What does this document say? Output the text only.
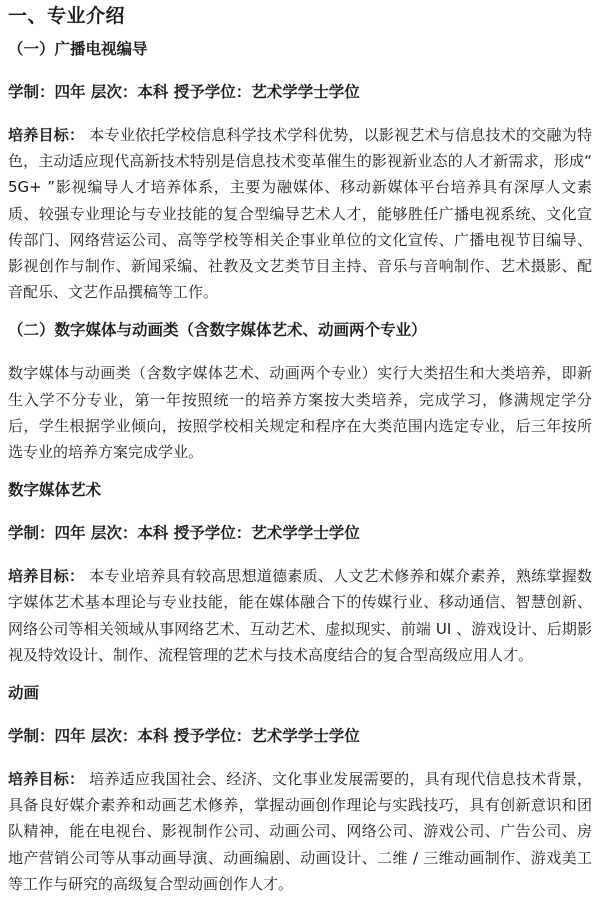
一、专业介绍
（一）广播电视编导
学制：四年 层次：本科 授予学位：艺术学学士学位
培养目标： 本专业依托学校信息科学技术学科优势，以影视艺术与信息技术的交融为特色，主动适应现代高新技术特别是信息技术变革催生的影视新业态的人才新需求，形成“ 5G+ ”影视编导人才培养体系，主要为融媒体、移动新媒体平台培养具有深厚人文素质、较强专业理论与专业技能的复合型编导艺术人才，能够胜任广播电视系统、文化宣传部门、网络营运公司、高等学校等相关企事业单位的文化宣传、广播电视节目编导、影视创作与制作、新闻采编、社教及文艺类节目主持、音乐与音响制作、艺术摄影、配音配乐、文艺作品撰稿等工作。
（二）数字媒体与动画类（含数字媒体艺术、动画两个专业）
数字媒体与动画类（含数字媒体艺术、动画两个专业）实行大类招生和大类培养，即新生入学不分专业，第一年按照统一的培养方案按大类培养，完成学习，修满规定学分后，学生根据学业倾向，按照学校相关规定和程序在大类范围内选定专业，后三年按所选专业的培养方案完成学业。
数字媒体艺术
学制：四年 层次：本科 授予学位：艺术学学士学位
培养目标： 本专业培养具有较高思想道德素质、人文艺术修养和媒介素养，熟练掌握数字媒体艺术基本理论与专业技能，能在媒体融合下的传媒行业、移动通信、智慧创新、网络公司等相关领域从事网络艺术、互动艺术、虚拟现实、前端 UI 、游戏设计、后期影视及特效设计、制作、流程管理的艺术与技术高度结合的复合型高级应用人才。
动画
学制：四年 层次：本科 授予学位：艺术学学士学位
培养目标： 培养适应我国社会、经济、文化事业发展需要的，具有现代信息技术背景，具备良好媒介素养和动画艺术修养，掌握动画创作理论与实践技巧，具有创新意识和团队精神，能在电视台、影视制作公司、动画公司、网络公司、游戏公司、广告公司、房地产营销公司等从事动画导演、动画编剧、动画设计、二维 / 三维动画制作、游戏美工等工作与研究的高级复合型动画创作人才。
